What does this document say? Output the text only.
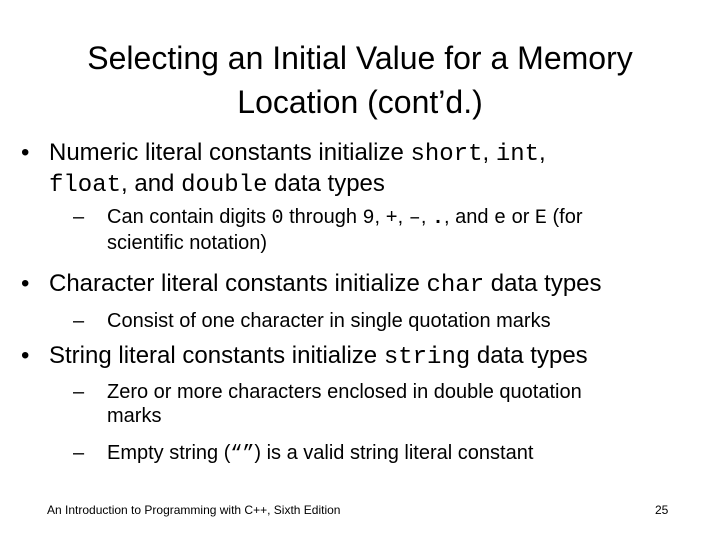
Selecting an Initial Value for a Memory
Location (cont’d.)
• Numeric literal constants initialize short, int,
float, and double data types
– Can contain digits 0 through 9, +, –, ., and e or E (for
scientific notation)
• Character literal constants initialize char data types
– Consist of one character in single quotation marks
• String literal constants initialize string data types
– Zero or more characters enclosed in double quotation
marks
– Empty string (“”) is a valid string literal constant
An Introduction to Programming with C++, Sixth Edition	25
